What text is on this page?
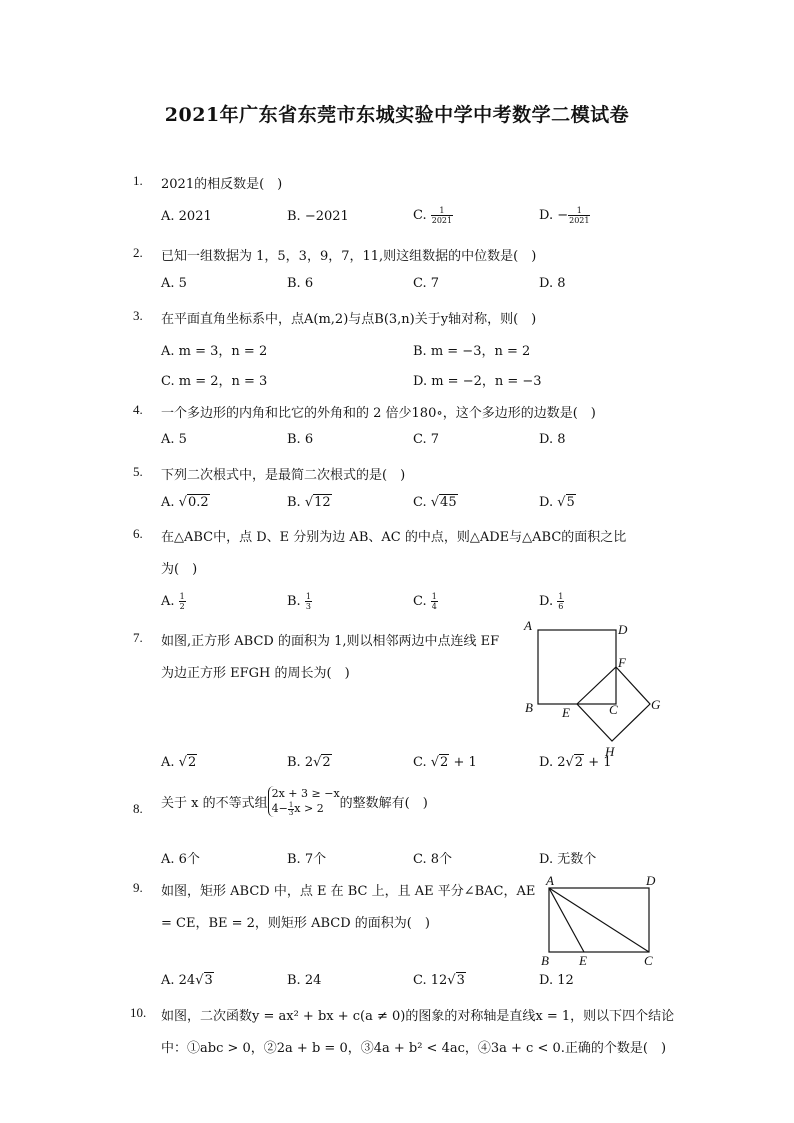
2021年广东省东莞市东城实验中学中考数学二模试卷
1. 2021的相反数是(　)
A. 2021	B. −2021	C. $\frac{1}{2021}$	D. − $\frac{1}{2021}$
2. 已知一组数据为 1，5，3，9，7，11,则这组数据的中位数是(　)
A. 5	B. 6	C. 7	D. 8
3. 在平面直角坐标系中，点A(m,2)与点B(3,n)关于y轴对称，则(　)
A. m = 3，n = 2	B. m = −3，n = 2
C. m = 2，n = 3	D. m = −2，n = −3
4. 一个多边形的内角和比它的外角和的 2 倍少180∘，这个多边形的边数是(　)
A. 5	B. 6	C. 7	D. 8
5. 下列二次根式中，是最简二次根式的是(　)
A. √0.2	B. √12	C. √45	D. √5
6. 在△ABC中，点 D、E 分别为边 AB、AC 的中点，则△ADE与△ABC的面积之比
为(　)
A. $\frac{1}{2}$	B. $\frac{1}{3}$	C. $\frac{1}{4}$	D. $\frac{1}{6}$
7. 如图,正方形 ABCD 的面积为 1,则以相邻两边中点连线 EF
为边正方形 EFGH 的周长为(　)
A	D
B E	C
F
G
H
A. √2	B. 2√2	C. √2 + 1	D. 2√2 + 1
8. 关于 x 的不等式组
2x + 3 ≥ −x
$4- \frac{1}{3}$ x > 2	的整数解有(　)
A. 6个	B. 7个	C. 8个	D. 无数个
9. 如图，矩形 ABCD 中，点 E 在 BC 上，且 AE 平分∠BAC，AE
= CE，BE = 2，则矩形 ABCD 的面积为(　)
A	D
B E	C
A. 24√3	B. 24	C. 12√3	D. 12
10. 如图，二次函数y = ax² + bx + c(a ≠ 0)的图象的对称轴是直线x = 1，则以下四个结论
中：①abc > 0，②2a + b = 0，③4a + b² < 4ac，④3a + c < 0.正确的个数是(　)
